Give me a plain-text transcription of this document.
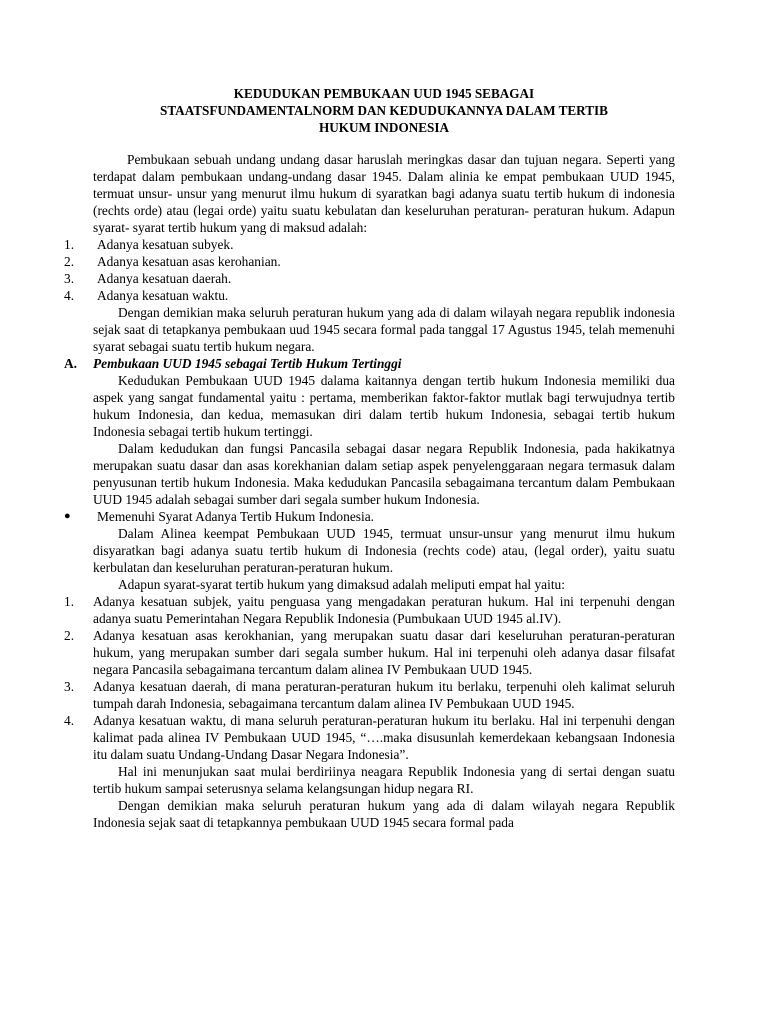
KEDUDUKAN PEMBUKAAN UUD 1945 SEBAGAI
STAATSFUNDAMENTALNORM DAN KEDUDUKANNYA DALAM TERTIB
HUKUM INDONESIA

Pembukaan sebuah undang undang dasar haruslah meringkas dasar dan tujuan negara. Seperti yang terdapat dalam pembukaan undang-undang dasar 1945. Dalam alinia ke empat pembukaan UUD 1945, termuat unsur- unsur yang menurut ilmu hukum di syaratkan bagi adanya suatu tertib hukum di indonesia (rechts orde) atau (legai orde) yaitu suatu kebulatan dan keseluruhan peraturan- peraturan hukum. Adapun syarat- syarat tertib hukum yang di maksud adalah:

1.	Adanya kesatuan subyek.
2.	Adanya kesatuan asas kerohanian.
3.	Adanya kesatuan daerah.
4.	Adanya kesatuan waktu.

Dengan demikian maka seluruh peraturan hukum yang ada di dalam wilayah negara republik indonesia sejak saat di tetapkanya pembukaan uud 1945 secara formal pada tanggal 17 Agustus 1945, telah memenuhi syarat sebagai suatu tertib hukum negara.

A.	Pembukaan UUD 1945 sebagai Tertib Hukum Tertinggi

Kedudukan Pembukaan UUD 1945 dalama kaitannya dengan tertib hukum Indonesia memiliki dua aspek yang sangat fundamental yaitu : pertama, memberikan faktor-faktor mutlak bagi terwujudnya tertib hukum Indonesia, dan kedua, memasukan diri dalam tertib hukum Indonesia, sebagai tertib hukum Indonesia sebagai tertib hukum tertinggi.

Dalam kedudukan dan fungsi Pancasila sebagai dasar negara Republik Indonesia, pada hakikatnya merupakan suatu dasar dan asas korekhanian dalam setiap aspek penyelenggaraan negara termasuk dalam penyusunan tertib hukum Indonesia. Maka kedudukan Pancasila sebagaimana tercantum dalam Pembukaan UUD 1945 adalah sebagai sumber dari segala sumber hukum Indonesia.

●	Memenuhi Syarat Adanya Tertib Hukum Indonesia.

Dalam Alinea keempat Pembukaan UUD 1945, termuat unsur-unsur yang menurut ilmu hukum disyaratkan bagi adanya suatu tertib hukum di Indonesia (rechts code) atau, (legal order), yaitu suatu kerbulatan dan keseluruhan peraturan-peraturan hukum.

Adapun syarat-syarat tertib hukum yang dimaksud adalah meliputi empat hal yaitu:

1.	Adanya kesatuan subjek, yaitu penguasa yang mengadakan peraturan hukum. Hal ini terpenuhi dengan adanya suatu Pemerintahan Negara Republik Indonesia (Pumbukaan UUD 1945 al.IV).
2.	Adanya kesatuan asas kerokhanian, yang merupakan suatu dasar dari keseluruhan peraturan-peraturan hukum, yang merupakan sumber dari segala sumber hukum. Hal ini terpenuhi oleh adanya dasar filsafat negara Pancasila sebagaimana tercantum dalam alinea IV Pembukaan UUD 1945.
3.	Adanya kesatuan daerah, di mana peraturan-peraturan hukum itu berlaku, terpenuhi oleh kalimat seluruh tumpah darah Indonesia, sebagaimana tercantum dalam alinea IV Pembukaan UUD 1945.
4.	Adanya kesatuan waktu, di mana seluruh peraturan-peraturan hukum itu berlaku. Hal ini terpenuhi dengan kalimat pada alinea IV Pembukaan UUD 1945, “….maka disusunlah kemerdekaan kebangsaan Indonesia itu dalam suatu Undang-Undang Dasar Negara Indonesia”.

Hal ini menunjukan saat mulai berdiriinya neagara Republik Indonesia yang di sertai dengan suatu tertib hukum sampai seterusnya selama kelangsungan hidup negara RI.

Dengan demikian maka seluruh peraturan hukum yang ada di dalam wilayah negara Republik Indonesia sejak saat di tetapkannya pembukaan UUD 1945 secara formal pada
